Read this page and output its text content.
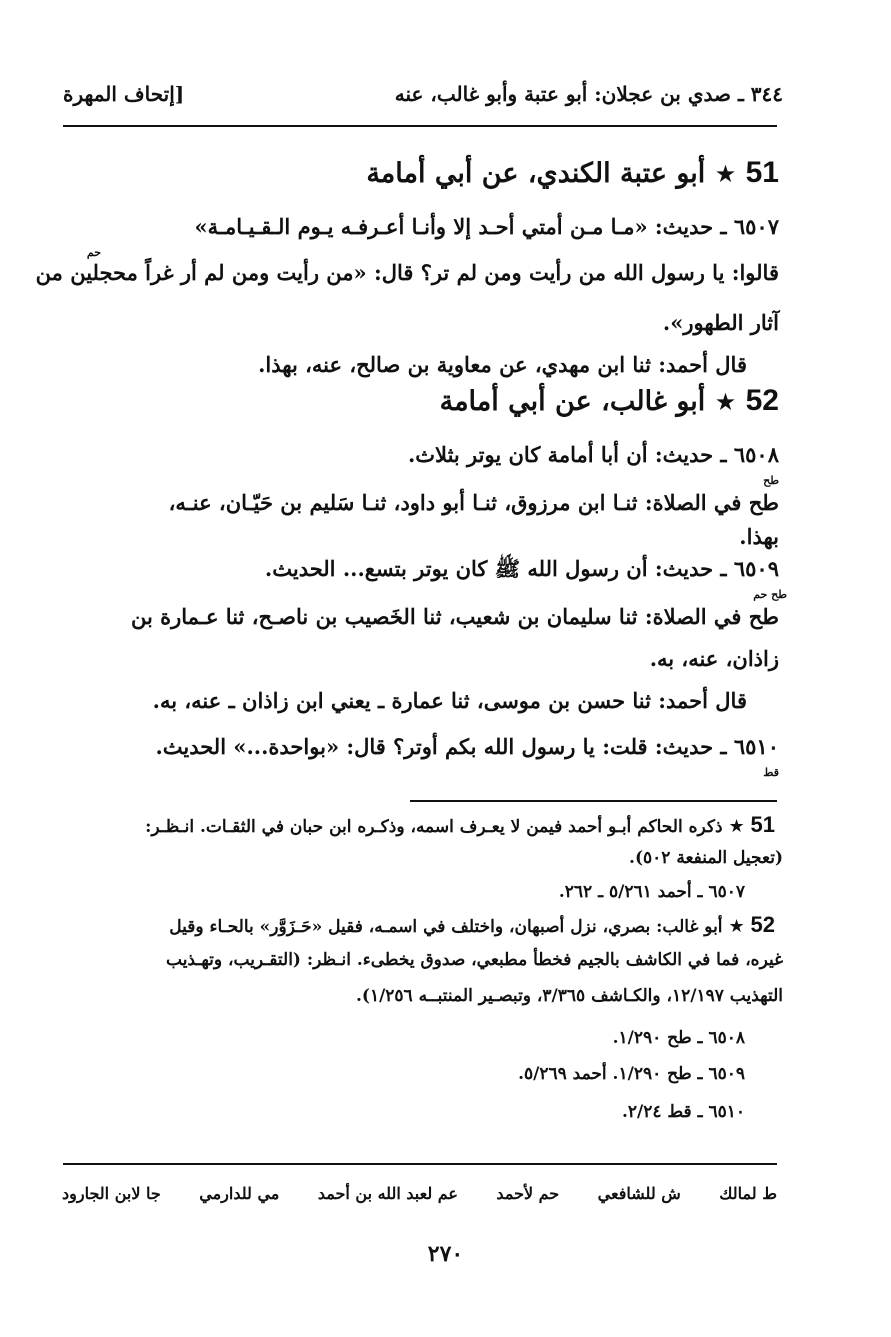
٣٤٤ ـ صدي بن عجلان: أبو عتبة وأبو غالب، عنه
[إتحاف المهرة
51 ★ أبو عتبة الكندي، عن أبي أمامة
٦٥٠٧ ـ حديث: «مـا مـن أمتي أحـد إلا وأنـا أعـرفـه يـوم الـقـيـامـة»
حم
قالوا: يا رسول الله من رأيت ومن لم تر؟ قال: «من رأيت ومن لم أر غراً محجلين من
آثار الطهور».
قال أحمد: ثنا ابن مهدي، عن معاوية بن صالح، عنه، بهذا.
52 ★ أبو غالب، عن أبي أمامة
٦٥٠٨ ـ حديث: أن أبا أمامة كان يوتر بثلاث.
طح
طح في الصلاة: ثنـا ابن مرزوق، ثنـا أبو داود، ثنـا سَليم بن حَيّـان، عنـه،
بهذا.
٦٥٠٩ ـ حديث: أن رسول الله ﷺ كان يوتر بتسع... الحديث.
طح حم
طح في الصلاة: ثنا سليمان بن شعيب، ثنا الخَصيب بن ناصـح، ثنا عـمارة بن
زاذان، عنه، به.
قال أحمد: ثنا حسن بن موسى، ثنا عمارة ـ يعني ابن زاذان ـ عنه، به.
٦٥١٠ ـ حديث: قلت: يا رسول الله بكم أوتر؟ قال: «بواحدة...» الحديث.
قط
51 ★ ذكره الحاكم أبـو أحمد فيمن لا يعـرف اسمه، وذكـره ابن حبان في الثقـات. انـظـر:
(تعجيل المنفعة ٥٠٢).
٦٥٠٧ ـ أحمد ٥/٢٦١ ـ ٢٦٢.
52 ★ أبو غالب: بصري، نزل أصبهان، واختلف في اسمـه، فقيل «حَـزَوَّر» بالحـاء وقيل
غيره، فما في الكاشف بالجيم فخطأ مطبعي، صدوق يخطىء. انـظر: (التقـريب، وتهـذيب
التهذيب ١٢/١٩٧، والكـاشف ٣/٣٦٥، وتبصـير المنتبــه ١/٢٥٦).
٦٥٠٨ ـ طح ١/٢٩٠.
٦٥٠٩ ـ طح ١/٢٩٠. أحمد ٥/٢٦٩.
٦٥١٠ ـ قط ٢/٢٤.
ط لمالك
ش للشافعي
حم لأحمد
عم لعبد الله بن أحمد
مي للدارمي
جا لابن الجارود
٢٧٠
